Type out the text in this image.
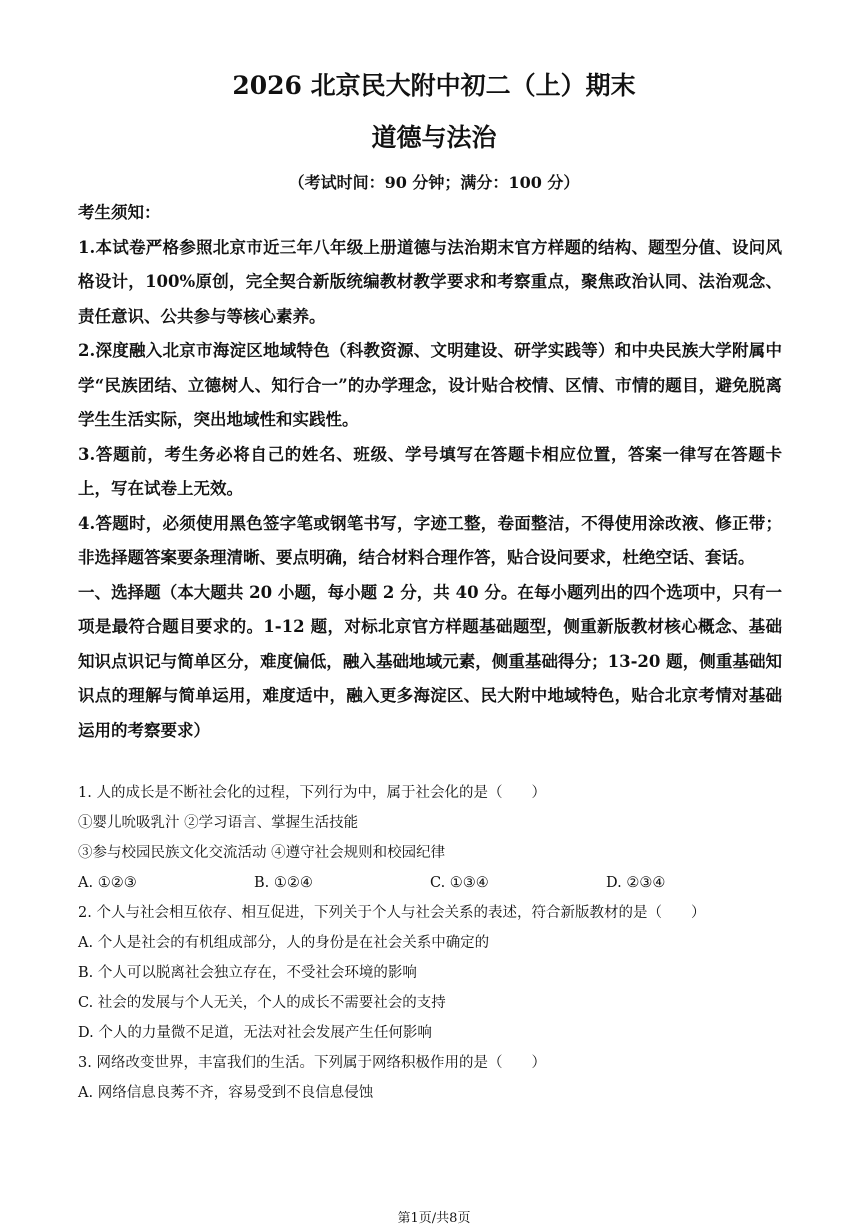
2026 北京民大附中初二（上）期末
道德与法治
（考试时间：90 分钟；满分：100 分）

考生须知：

1.本试卷严格参照北京市近三年八年级上册道德与法治期末官方样题的结构、题型分值、设问风格设计，100%原创，完全契合新版统编教材教学要求和考察重点，聚焦政治认同、法治观念、责任意识、公共参与等核心素养。

2.深度融入北京市海淀区地域特色（科教资源、文明建设、研学实践等）和中央民族大学附属中学“民族团结、立德树人、知行合一”的办学理念，设计贴合校情、区情、市情的题目，避免脱离学生生活实际，突出地域性和实践性。

3.答题前，考生务必将自己的姓名、班级、学号填写在答题卡相应位置，答案一律写在答题卡上，写在试卷上无效。

4.答题时，必须使用黑色签字笔或钢笔书写，字迹工整，卷面整洁，不得使用涂改液、修正带；非选择题答案要条理清晰、要点明确，结合材料合理作答，贴合设问要求，杜绝空话、套话。

一、选择题（本大题共 20 小题，每小题 2 分，共 40 分。在每小题列出的四个选项中，只有一项是最符合题目要求的。1-12 题，对标北京官方样题基础题型，侧重新版教材核心概念、基础知识点识记与简单区分，难度偏低，融入基础地域元素，侧重基础得分；13-20 题，侧重基础知识点的理解与简单运用，难度适中，融入更多海淀区、民大附中地域特色，贴合北京考情对基础运用的考察要求）

1. 人的成长是不断社会化的过程，下列行为中，属于社会化的是（　　）

①婴儿吮吸乳汁 ②学习语言、掌握生活技能

③参与校园民族文化交流活动 ④遵守社会规则和校园纪律

A. ①②③	B. ①②④	C. ①③④	D. ②③④

2. 个人与社会相互依存、相互促进，下列关于个人与社会关系的表述，符合新版教材的是（　　）

A. 个人是社会的有机组成部分，人的身份是在社会关系中确定的

B. 个人可以脱离社会独立存在，不受社会环境的影响

C. 社会的发展与个人无关，个人的成长不需要社会的支持

D. 个人的力量微不足道，无法对社会发展产生任何影响

3. 网络改变世界，丰富我们的生活。下列属于网络积极作用的是（　　）

A. 网络信息良莠不齐，容易受到不良信息侵蚀

第1页/共8页
